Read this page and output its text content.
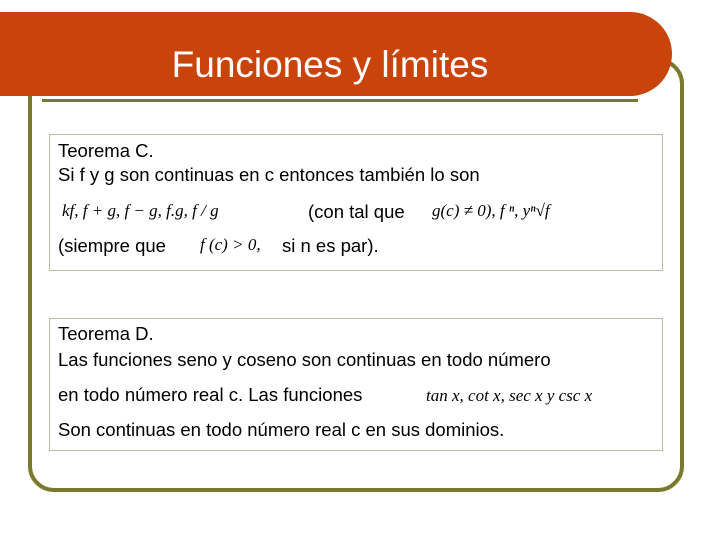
Funciones y límites
Teorema C.
Si f y g son continuas en c entonces también lo son
kf, f + g, f − g, f.g, f / g	(con tal que g(c) ≠ 0), f ⁿ, yⁿ√f
(siempre que f (c) > 0, si n es par).
Teorema D.
Las funciones seno y coseno son continuas en todo número
en todo número real c. Las funciones	tan x, cot x, sec x y csc x
Son continuas en todo número real c en sus dominios.
